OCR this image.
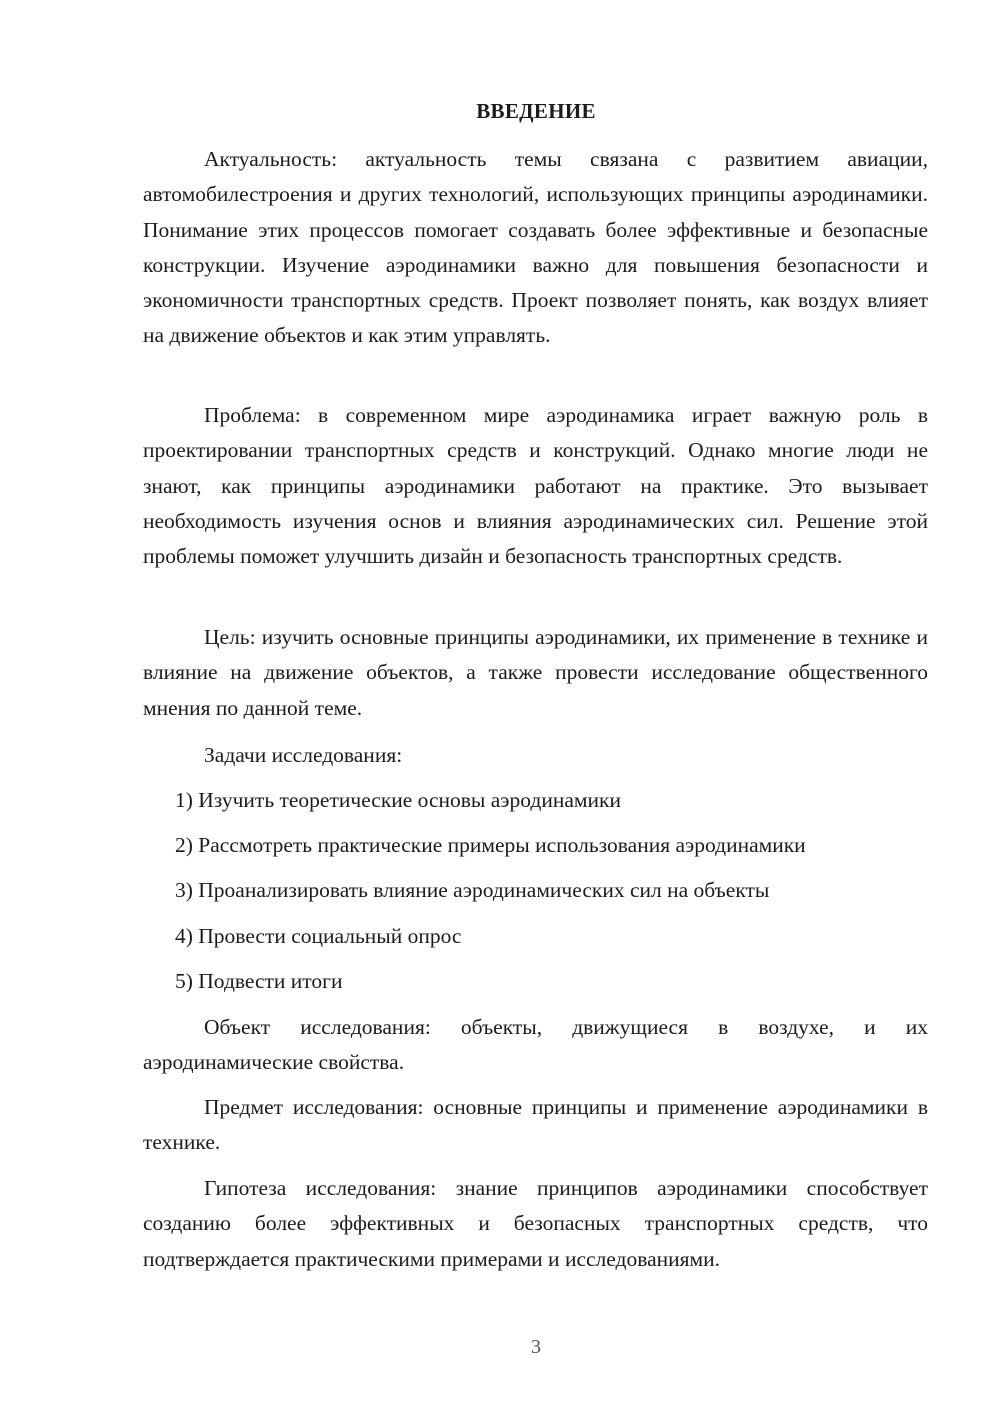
ВВЕДЕНИЕ

Актуальность: актуальность темы связана с развитием авиации, автомобилестроения и других технологий, использующих принципы аэродинамики. Понимание этих процессов помогает создавать более эффективные и безопасные конструкции. Изучение аэродинамики важно для повышения безопасности и экономичности транспортных средств. Проект позволяет понять, как воздух влияет на движение объектов и как этим управлять.

Проблема: в современном мире аэродинамика играет важную роль в проектировании транспортных средств и конструкций. Однако многие люди не знают, как принципы аэродинамики работают на практике. Это вызывает необходимость изучения основ и влияния аэродинамических сил. Решение этой проблемы поможет улучшить дизайн и безопасность транспортных средств.

Цель: изучить основные принципы аэродинамики, их применение в технике и влияние на движение объектов, а также провести исследование общественного мнения по данной теме.

Задачи исследования:
1) Изучить теоретические основы аэродинамики
2) Рассмотреть практические примеры использования аэродинамики
3) Проанализировать влияние аэродинамических сил на объекты
4) Провести социальный опрос
5) Подвести итоги

Объект исследования: объекты, движущиеся в воздухе, и их аэродинамические свойства.

Предмет исследования: основные принципы и применение аэродинамики в технике.

Гипотеза исследования: знание принципов аэродинамики способствует созданию более эффективных и безопасных транспортных средств, что подтверждается практическими примерами и исследованиями.

3
